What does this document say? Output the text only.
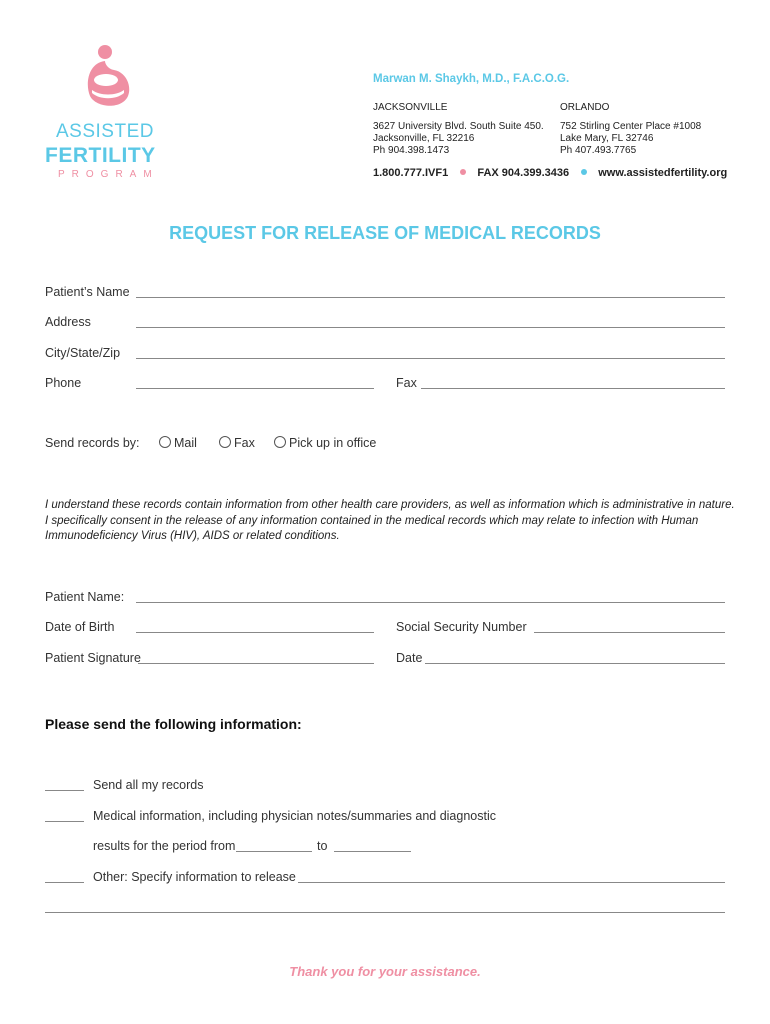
ASSISTED
FERTILITY
PROGRAM
Marwan M. Shaykh, M.D., F.A.C.O.G.
JACKSONVILLE
3627 University Blvd. South Suite 450.
Jacksonville, FL 32216
Ph 904.398.1473
ORLANDO
752 Stirling Center Place #1008
Lake Mary, FL 32746
Ph 407.493.7765
1.800.777.IVF1	FAX 904.399.3436	www.assistedfertility.org
REQUEST FOR RELEASE OF MEDICAL RECORDS
Patient’s Name
Address
City/State/Zip
Phone	Fax
Send records by:	Mail	Fax	Pick up in office
I understand these records contain information from other health care providers, as well as information which is administrative in nature. I specifically consent in the release of any information contained in the medical records which may relate to infection with Human Immunodeficiency Virus (HIV), AIDS or related conditions.
Patient Name:
Date of Birth	Social Security Number
Patient Signature	Date
Please send the following information:
Send all my records
Medical information, including physician notes/summaries and diagnostic
results for the period from	to
Other: Specify information to release
Thank you for your assistance.
